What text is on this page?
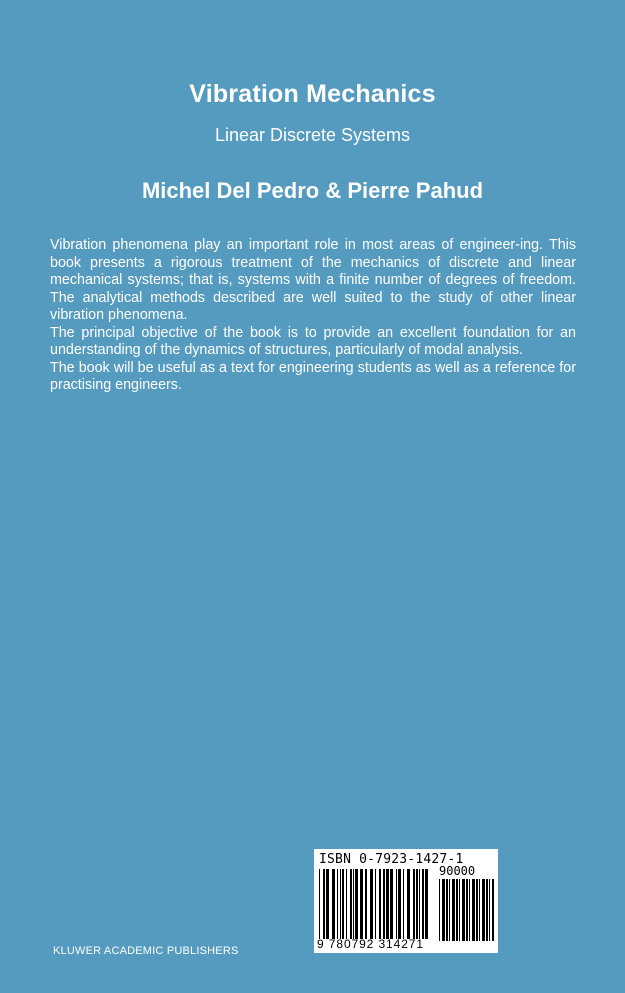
Vibration Mechanics
Linear Discrete Systems
Michel Del Pedro & Pierre Pahud

Vibration phenomena play an important role in most areas of engineer-ing. This book presents a rigorous treatment of the mechanics of discrete and linear mechanical systems; that is, systems with a finite number of degrees of freedom. The analytical methods described are well suited to the study of other linear vibration phenomena.

The principal objective of the book is to provide an excellent foundation for an understanding of the dynamics of structures, particularly of modal analysis.

The book will be useful as a text for engineering students as well as a reference for practising engineers.

ISBN 0-7923-1427-1
90000
9 780792 314271
KLUWER ACADEMIC PUBLISHERS
